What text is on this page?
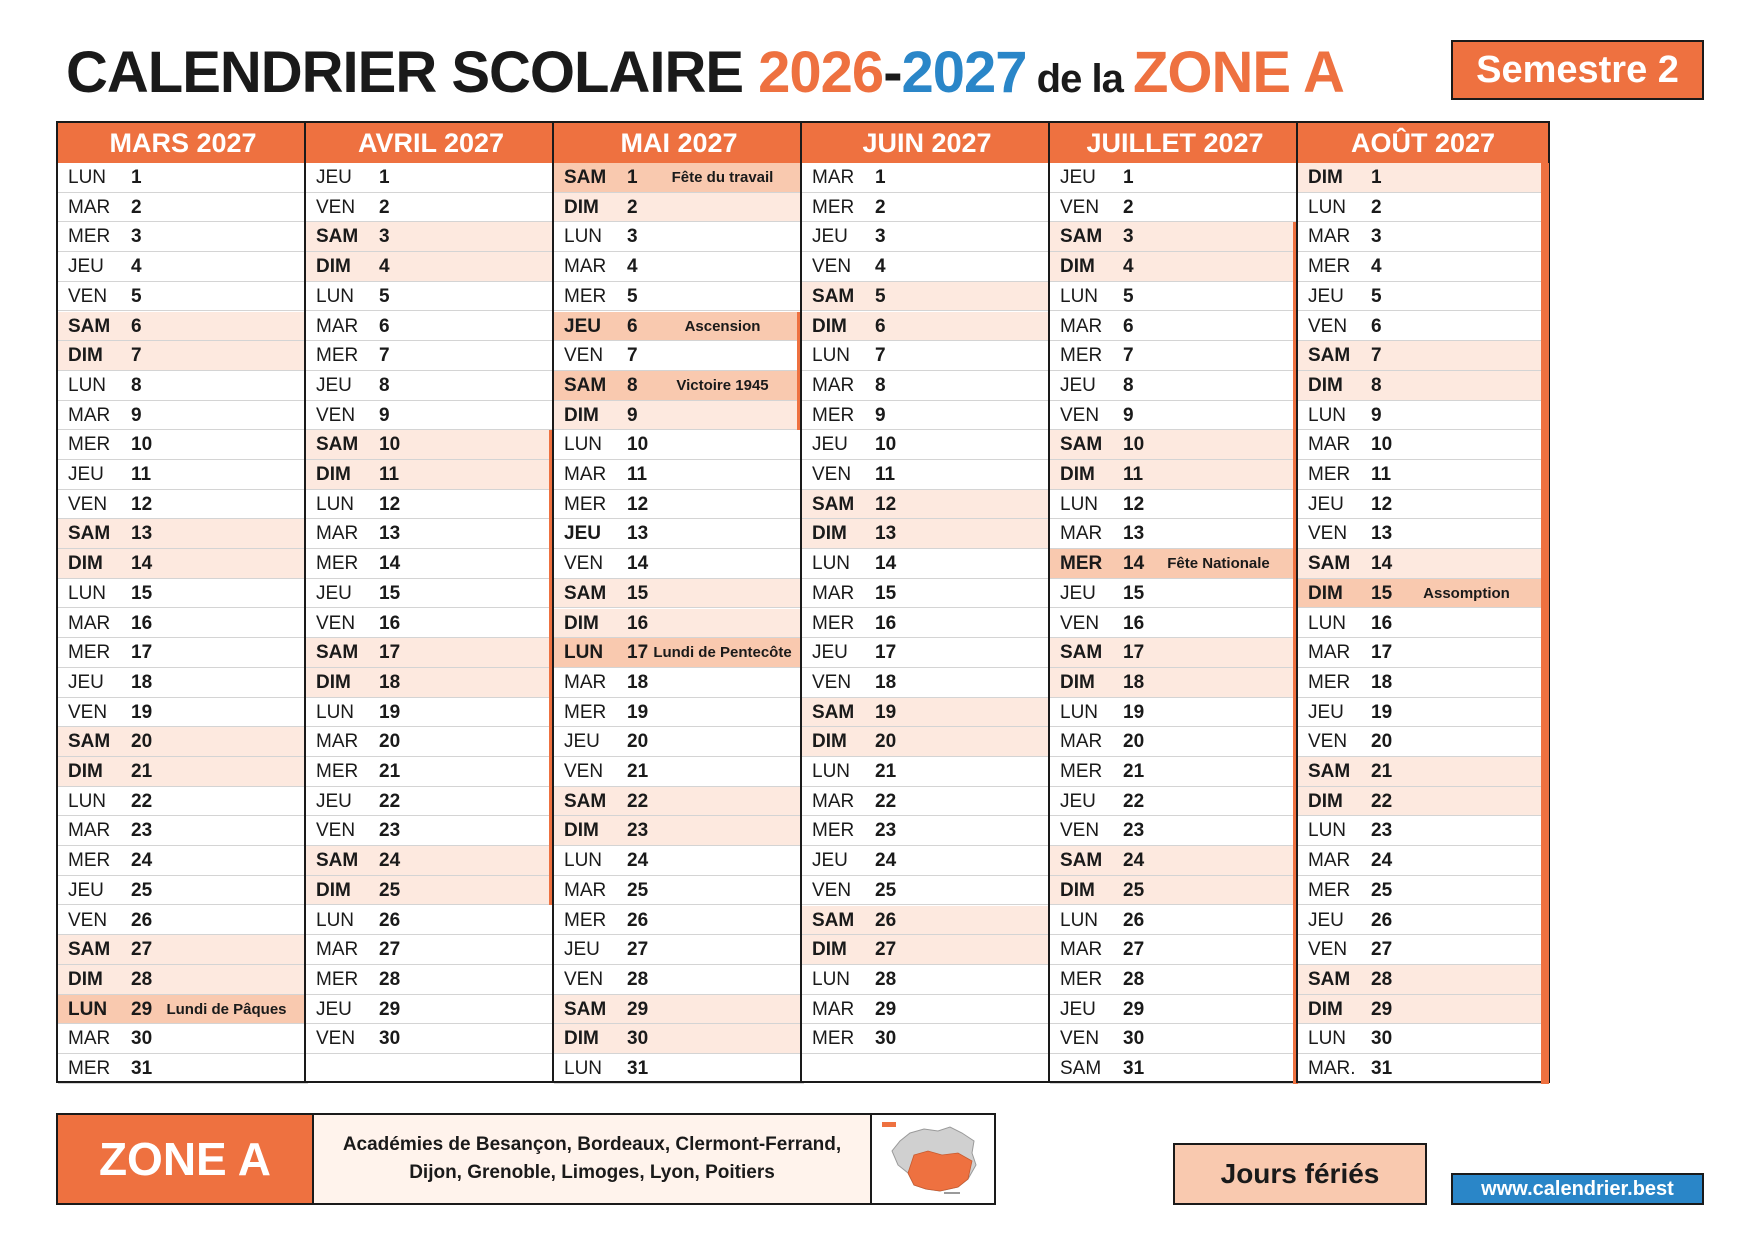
CALENDRIER SCOLAIRE 2026-2027 de la ZONE A	Semestre 2
MARS 2027
LUN	1
MAR	2
MER	3
JEU	4
VEN	5
SAM	6
DIM	7
LUN	8
MAR	9
MER	10
JEU	11
VEN	12
SAM	13
DIM	14
LUN	15
MAR	16
MER	17
JEU	18
VEN	19
SAM	20
DIM	21
LUN	22
MAR	23
MER	24
JEU	25
VEN	26
SAM	27
DIM	28
LUN	29 Lundi de Pâques
MAR	30
MER	31
AVRIL 2027
JEU	1
VEN	2
SAM	3
DIM	4
LUN	5
MAR	6
MER	7
JEU	8
VEN	9
SAM	10
DIM	11
LUN	12
MAR	13
MER	14
JEU	15
VEN	16
SAM	17
DIM	18
LUN	19
MAR	20
MER	21
JEU	22
VEN	23
SAM	24
DIM	25
LUN	26
MAR	27
MER	28
JEU	29
VEN	30
MAI 2027
SAM	1	Fête du travail
DIM	2
LUN	3
MAR	4
MER	5
JEU	6	Ascension
VEN	7
SAM	8	Victoire 1945
DIM	9
LUN	10
MAR	11
MER	12
JEU	13
VEN	14
SAM	15
DIM	16
LUN	17 Lundi de Pentecôte
MAR	18
MER	19
JEU	20
VEN	21
SAM	22
DIM	23
LUN	24
MAR	25
MER	26
JEU	27
VEN	28
SAM	29
DIM	30
LUN	31
JUIN 2027
MAR	1
MER	2
JEU	3
VEN	4
SAM	5
DIM	6
LUN	7
MAR	8
MER	9
JEU	10
VEN	11
SAM	12
DIM	13
LUN	14
MAR	15
MER	16
JEU	17
VEN	18
SAM	19
DIM	20
LUN	21
MAR	22
MER	23
JEU	24
VEN	25
SAM	26
DIM	27
LUN	28
MAR	29
MER	30
JUILLET 2027
JEU	1
VEN	2
SAM	3
DIM	4
LUN	5
MAR	6
MER	7
JEU	8
VEN	9
SAM	10
DIM	11
LUN	12
MAR	13
MER	14	Fête Nationale
JEU	15
VEN	16
SAM	17
DIM	18
LUN	19
MAR	20
MER	21
JEU	22
VEN	23
SAM	24
DIM	25
LUN	26
MAR	27
MER	28
JEU	29
VEN	30
SAM	31
AOÛT 2027
DIM	1
LUN	2
MAR	3
MER	4
JEU	5
VEN	6
SAM	7
DIM	8
LUN	9
MAR	10
MER	11
JEU	12
VEN	13
SAM	14
DIM	15	Assomption
LUN	16
MAR	17
MER	18
JEU	19
VEN	20
SAM	21
DIM	22
LUN	23
MAR	24
MER	25
JEU	26
VEN	27
SAM	28
DIM	29
LUN	30
MAR. 31
ZONE A	Académies de Besançon, Bordeaux, Clermont-Ferrand, Dijon, Grenoble, Limoges, Lyon, Poitiers	Jours fériés	www.calendrier.best
